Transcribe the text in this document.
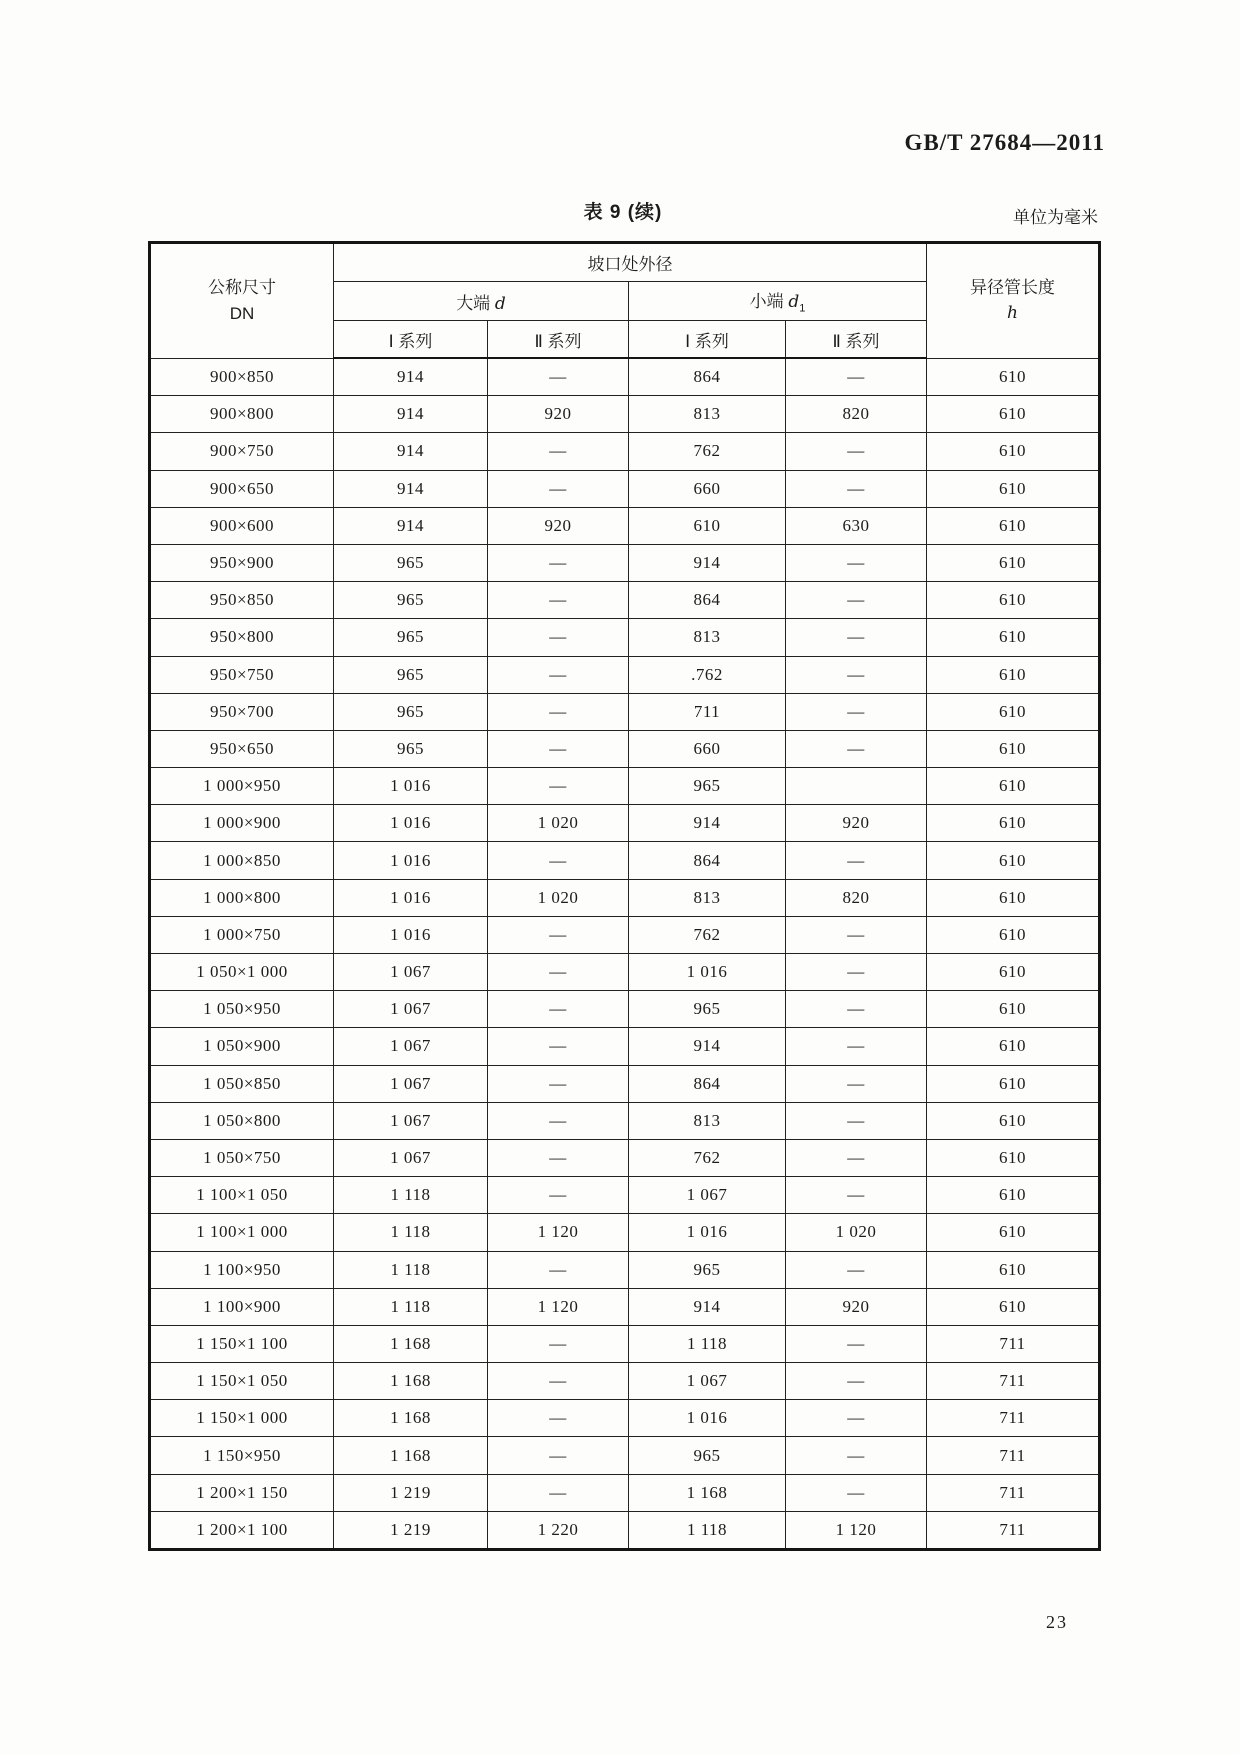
GB/T 27684—2011
表 9 (续)	单位为毫米
公称尺寸
DN
	坡口处外径	
异径管长度
h

	大端 d		小端 $d_1$
	Ⅰ 系列	Ⅱ 系列	Ⅰ 系列	Ⅱ 系列	
900×850	914	—	864	—	610
900×800	914	920	813	820	610
900×750	914	—	762	—	610
900×650	914	—	660	—	610
900×600	914	920	610	630	610
950×900	965	—	914	—	610
950×850	965	—	864	—	610
950×800	965	—	813	—	610
950×750	965	—	.762	—	610
950×700	965	—	711	—	610
950×650	965	—	660	—	610
1 000×950	1 016	—	965		610
1 000×900	1 016	1 020	914	920	610
1 000×850	1 016	—	864	—	610
1 000×800	1 016	1 020	813	820	610
1 000×750	1 016	—	762	—	610
1 050×1 000	1 067	—	1 016	—	610
1 050×950	1 067	—	965	—	610
1 050×900	1 067	—	914	—	610
1 050×850	1 067	—	864	—	610
1 050×800	1 067	—	813	—	610
1 050×750	1 067	—	762	—	610
1 100×1 050	1 118	—	1 067	—	610
1 100×1 000	1 118	1 120	1 016	1 020	610
1 100×950	1 118	—	965	—	610
1 100×900	1 118	1 120	914	920	610
1 150×1 100	1 168	—	1 118	—	711
1 150×1 050	1 168	—	1 067	—	711
1 150×1 000	1 168	—	1 016	—	711
1 150×950	1 168	—	965	—	711
1 200×1 150	1 219	—	1 168	—	711
1 200×1 100	1 219	1 220	1 118	1 120	711
23
